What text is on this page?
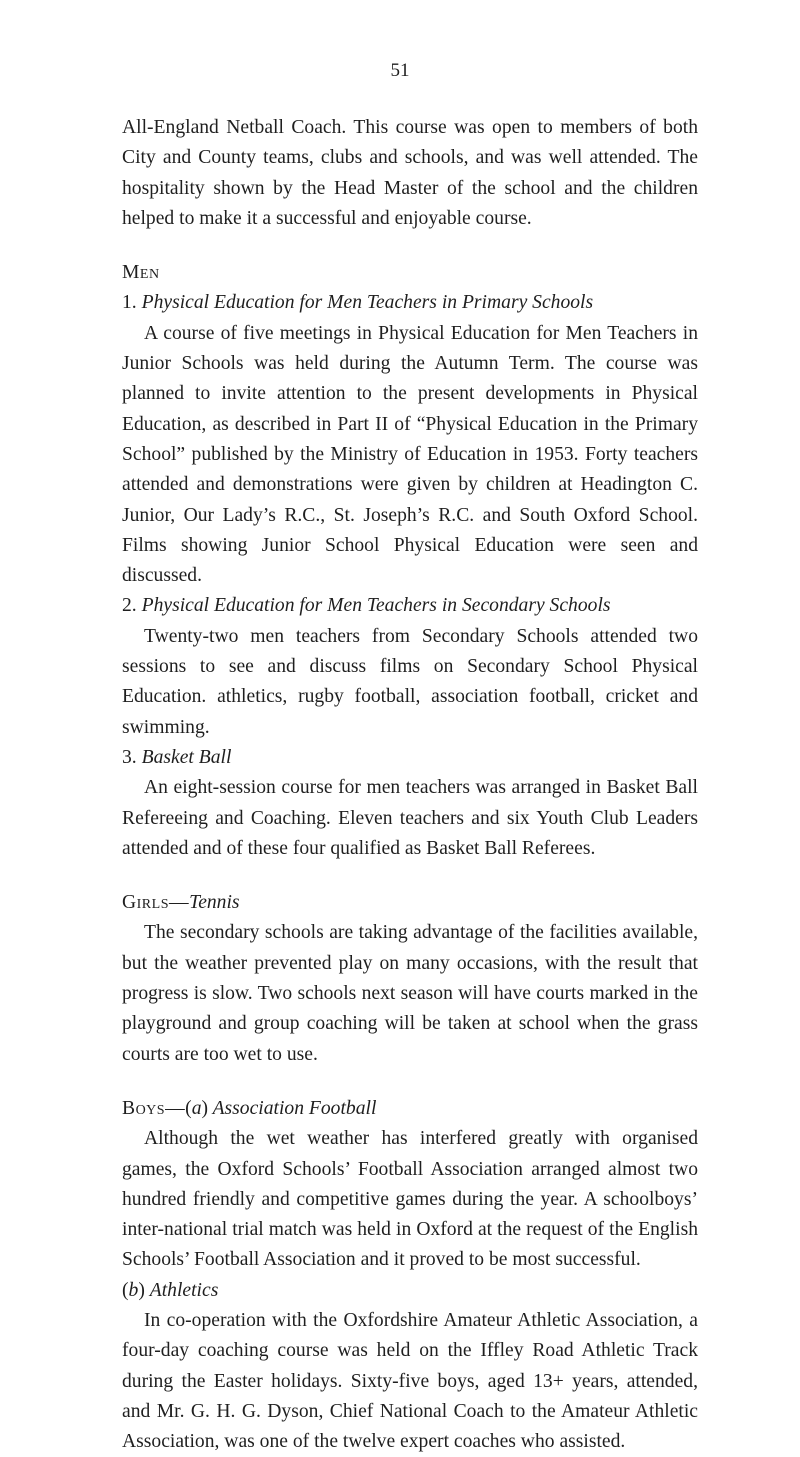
51

All-England Netball Coach. This course was open to members of both City and County teams, clubs and schools, and was well attended. The hospitality shown by the Head Master of the school and the children helped to make it a successful and enjoyable course.

Men

1. Physical Education for Men Teachers in Primary Schools

A course of five meetings in Physical Education for Men Teachers in Junior Schools was held during the Autumn Term. The course was planned to invite attention to the present developments in Physical Education, as described in Part II of “Physical Education in the Primary School” published by the Ministry of Education in 1953. Forty teachers attended and demonstrations were given by children at Headington C. Junior, Our Lady’s R.C., St. Joseph’s R.C. and South Oxford School. Films showing Junior School Physical Education were seen and discussed.

2. Physical Education for Men Teachers in Secondary Schools

Twenty-two men teachers from Secondary Schools attended two sessions to see and discuss films on Secondary School Physical Education. athletics, rugby football, association football, cricket and swimming.

3. Basket Ball

An eight-session course for men teachers was arranged in Basket Ball Refereeing and Coaching. Eleven teachers and six Youth Club Leaders attended and of these four qualified as Basket Ball Referees.

Girls—Tennis

The secondary schools are taking advantage of the facilities available, but the weather prevented play on many occasions, with the result that progress is slow. Two schools next season will have courts marked in the playground and group coaching will be taken at school when the grass courts are too wet to use.

Boys—(a) Association Football

Although the wet weather has interfered greatly with organised games, the Oxford Schools’ Football Association arranged almost two hundred friendly and competitive games during the year. A schoolboys’ inter-national trial match was held in Oxford at the request of the English Schools’ Football Association and it proved to be most successful.

(b) Athletics

In co-operation with the Oxfordshire Amateur Athletic Association, a four-day coaching course was held on the Iffley Road Athletic Track during the Easter holidays. Sixty-five boys, aged 13+ years, attended, and Mr. G. H. G. Dyson, Chief National Coach to the Amateur Athletic Association, was one of the twelve expert coaches who assisted.
